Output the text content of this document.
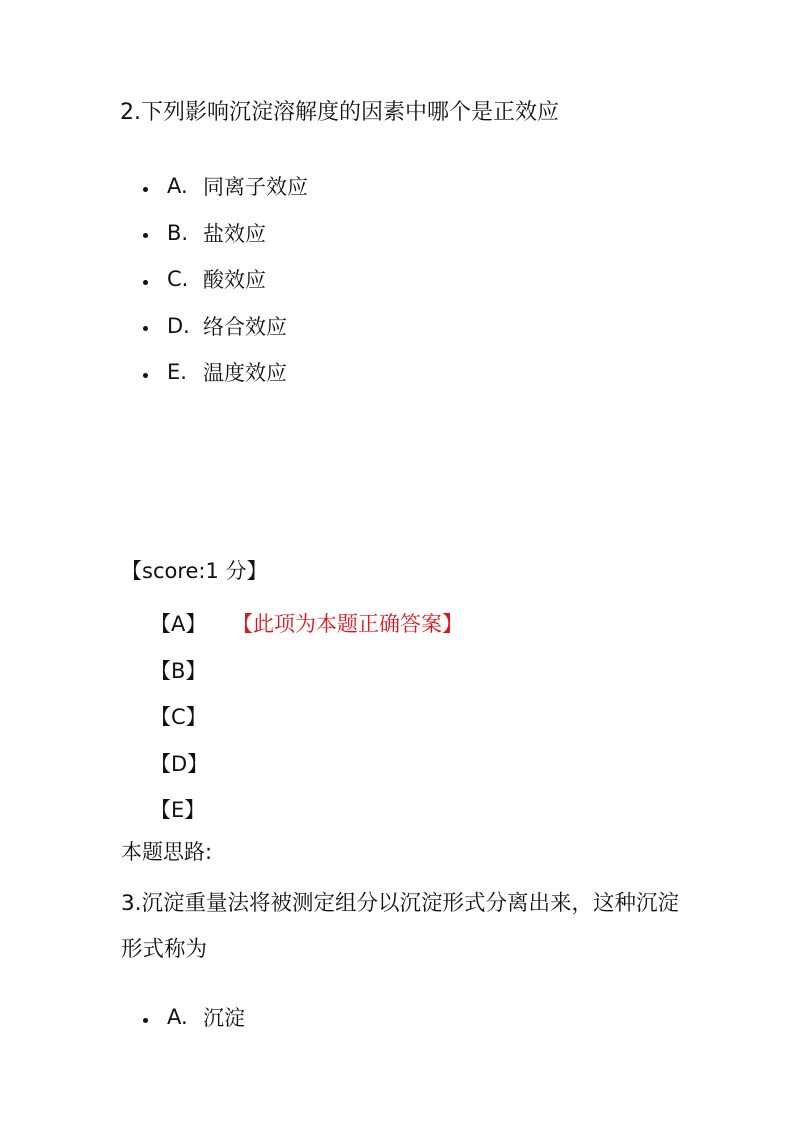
2.下列影响沉淀溶解度的因素中哪个是正效应
A. 同离子效应
B. 盐效应
C. 酸效应
D. 络合效应
E. 温度效应
【score:1 分】
【A】	【此项为本题正确答案】
【B】
【C】
【D】
【E】
本题思路:
3.沉淀重量法将被测定组分以沉淀形式分离出来，这种沉淀形式称为
A. 沉淀
